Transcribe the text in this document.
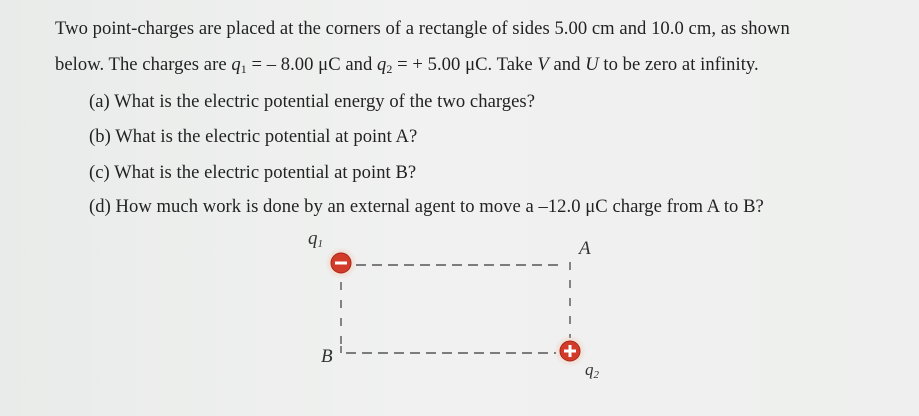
Two point-charges are placed at the corners of a rectangle of sides 5.00 cm and 10.0 cm, as shown
below. The charges are $q_1$ = – 8.00 μC and $q_2$ = + 5.00 μC. Take V and U to be zero at infinity.
(a) What is the electric potential energy of the two charges?
(b) What is the electric potential at point A?
(c) What is the electric potential at point B?
(d) How much work is done by an external agent to move a –12.0 μC charge from A to B?
$q_1$	A
B
$q_2$
